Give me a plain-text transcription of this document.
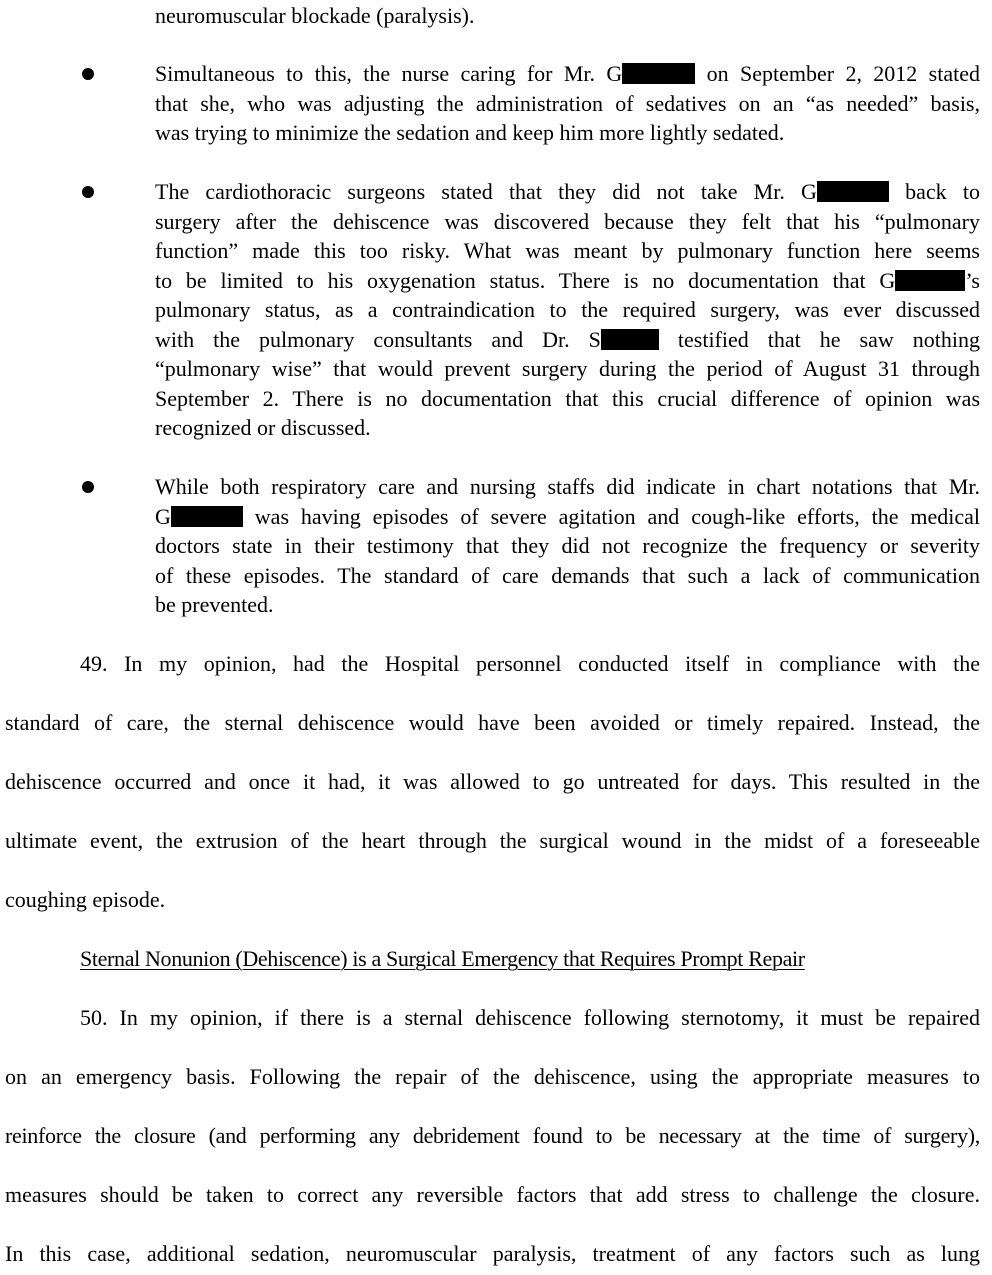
neuromuscular blockade (paralysis).
Simultaneous to this, the nurse caring for Mr. G	on September 2, 2012 stated
that she, who was adjusting the administration of sedatives on an “as needed” basis,
was trying to minimize the sedation and keep him more lightly sedated.
The cardiothoracic surgeons stated that they did not take Mr. G	back to
surgery after the dehiscence was discovered because they felt that his “pulmonary
function” made this too risky. What was meant by pulmonary function here seems
to be limited to his oxygenation status. There is no documentation that G	’s
pulmonary status, as a contraindication to the required surgery, was ever discussed
with the pulmonary consultants and Dr. S	testified that he saw nothing
“pulmonary wise” that would prevent surgery during the period of August 31 through
September 2. There is no documentation that this crucial difference of opinion was
recognized or discussed.
While both respiratory care and nursing staffs did indicate in chart notations that Mr.
G	was having episodes of severe agitation and cough-like efforts, the medical
doctors state in their testimony that they did not recognize the frequency or severity
of these episodes. The standard of care demands that such a lack of communication
be prevented.
49. In my opinion, had the Hospital personnel conducted itself in compliance with the
standard of care, the sternal dehiscence would have been avoided or timely repaired. Instead, the
dehiscence occurred and once it had, it was allowed to go untreated for days. This resulted in the
ultimate event, the extrusion of the heart through the surgical wound in the midst of a foreseeable
coughing episode.
Sternal Nonunion (Dehiscence) is a Surgical Emergency that Requires Prompt Repair
50. In my opinion, if there is a sternal dehiscence following sternotomy, it must be repaired
on an emergency basis. Following the repair of the dehiscence, using the appropriate measures to
reinforce the closure (and performing any debridement found to be necessary at the time of surgery),
measures should be taken to correct any reversible factors that add stress to challenge the closure.
In this case, additional sedation, neuromuscular paralysis, treatment of any factors such as lung
